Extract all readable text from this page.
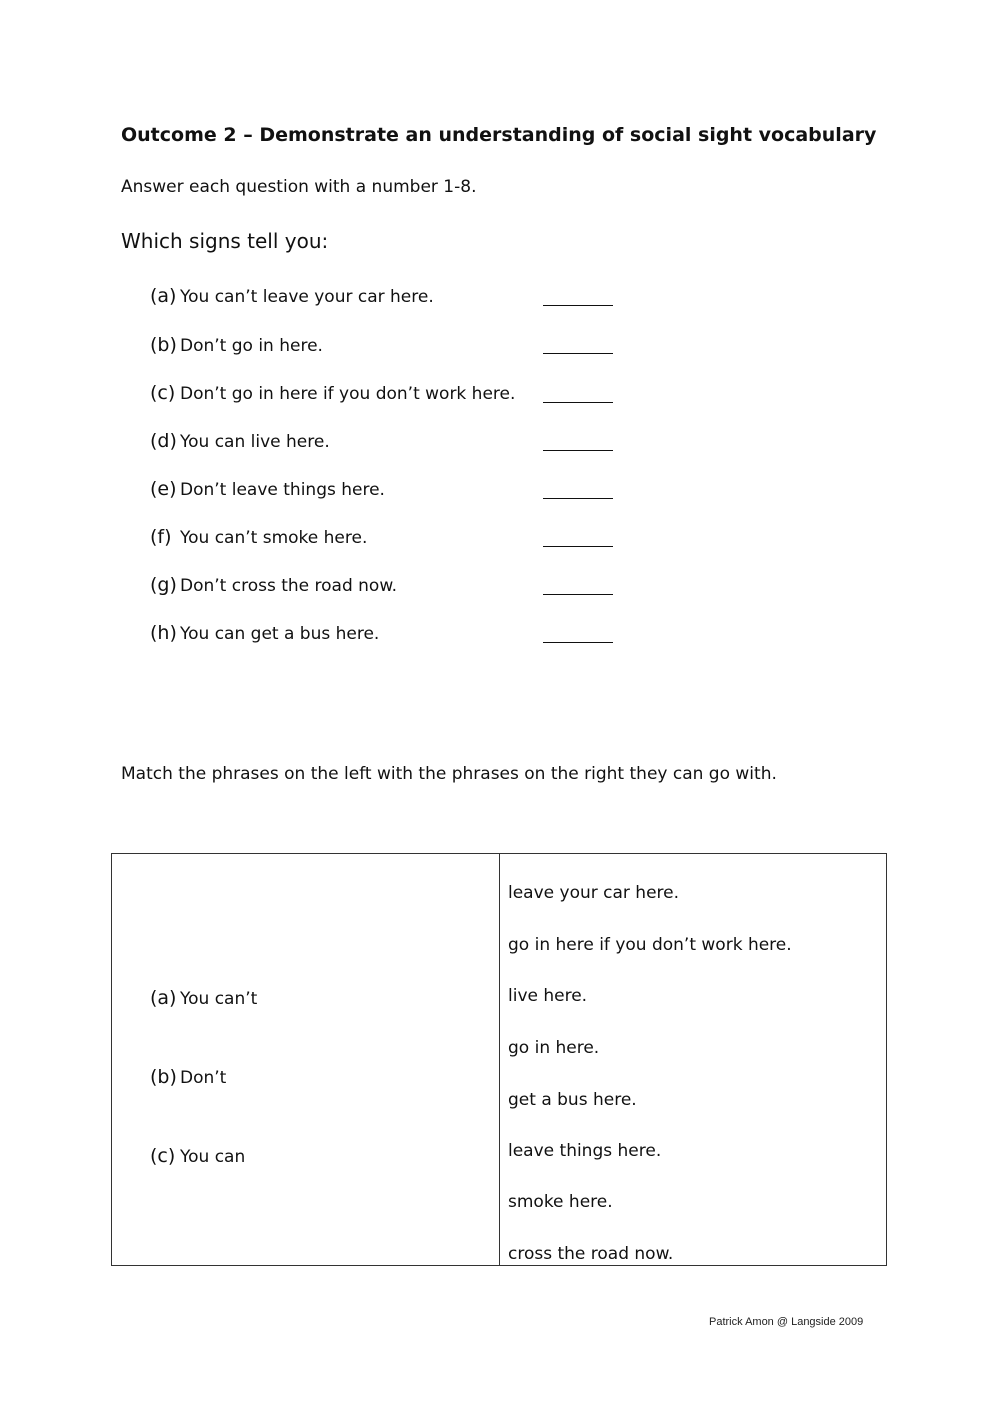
Outcome 2 – Demonstrate an understanding of social sight vocabulary
Answer each question with a number 1-8.
Which signs tell you:
(a) You can’t leave your car here.
(b) Don’t go in here.
(c) Don’t go in here if you don’t work here.
(d) You can live here.
(e) Don’t leave things here.
(f) You can’t smoke here.
(g) Don’t cross the road now.
(h) You can get a bus here.
Match the phrases on the left with the phrases on the right they can go with.
(a) You can’t
(b) Don’t
(c) You can
leave your car here.
go in here if you don’t work here.
live here.
go in here.
get a bus here.
leave things here.
smoke here.
cross the road now.
Patrick Amon @ Langside 2009
